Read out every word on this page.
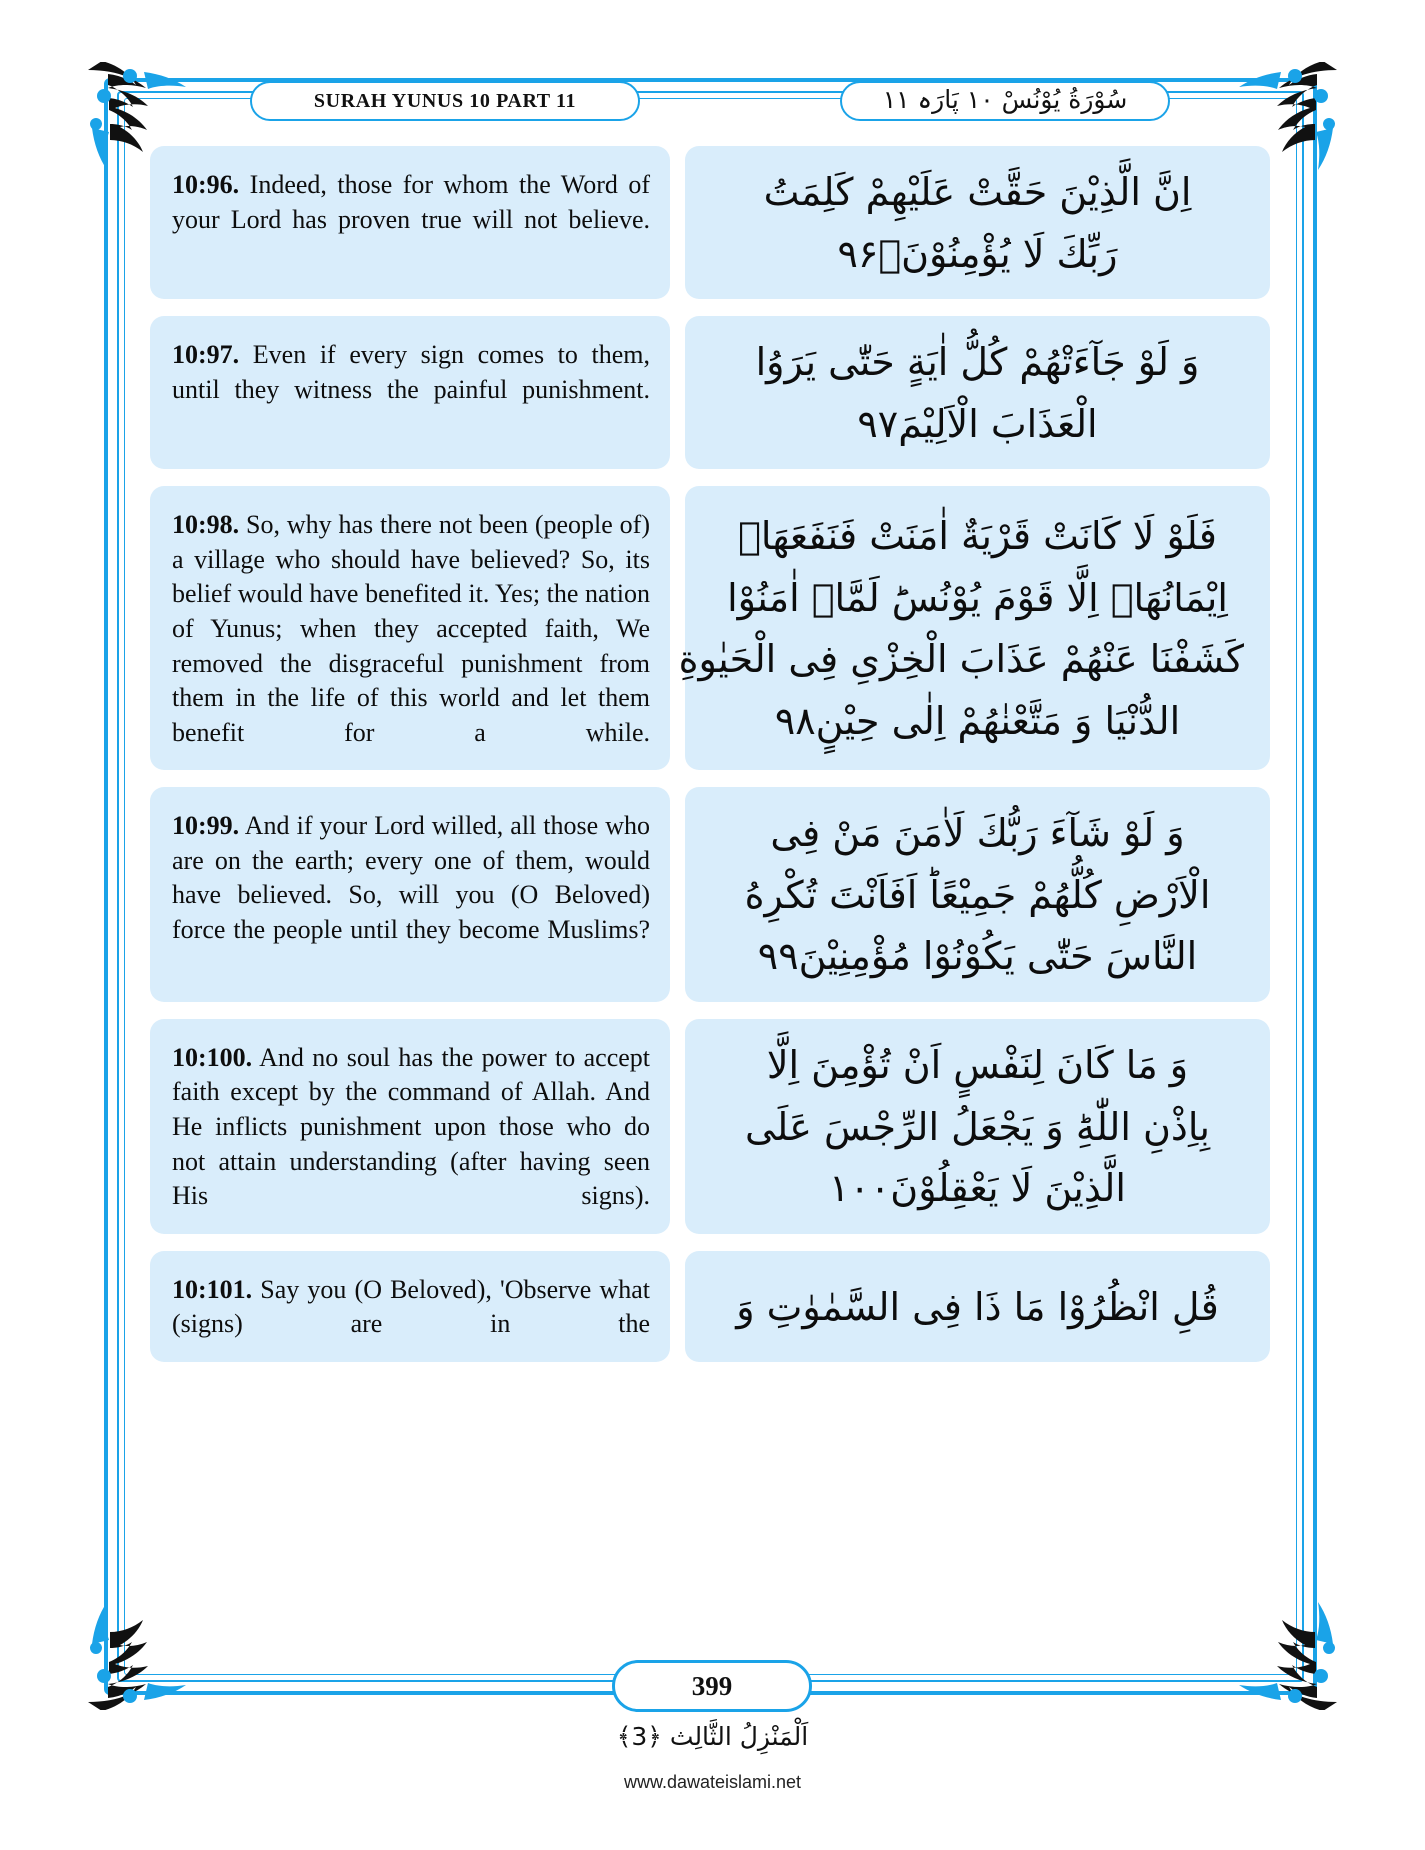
SURAH YUNUS 10 PART 11	سُوْرَةُ یُوْنُسْ ۱۰ پَارَہ ۱۱
10:96. Indeed, those for whom the Word of your Lord has proven true will not believe.
اِنَّ الَّذِیْنَ حَقَّتْ عَلَیْهِمْ كَلِمَتُ
رَبِّكَ لَا یُؤْمِنُوْنَۙ۹۶
10:97. Even if every sign comes to them, until they witness the painful punishment.
وَ لَوْ جَآءَتْهُمْ كُلُّ اٰیَةٍ حَتّٰى یَرَوُا
الْعَذَابَ الْاَلِیْمَ۹۷
10:98. So, why has there not been (people of) a village who should have believed? So, its belief would have benefited it. Yes; the nation of Yunus; when they accepted faith, We removed the disgraceful punishment from them in the life of this world and let them benefit for a while.
فَلَوْ لَا كَانَتْ قَرْیَةٌ اٰمَنَتْ فَنَفَعَهَاۤ
اِیْمَانُهَاۤ اِلَّا قَوْمَ یُوْنُسَؕ لَمَّاۤ اٰمَنُوْا
كَشَفْنَا عَنْهُمْ عَذَابَ الْخِزْیِ فِی الْحَیٰوةِ
الدُّنْیَا وَ مَتَّعْنٰهُمْ اِلٰى حِیْنٍ۹۸
10:99. And if your Lord willed, all those who are on the earth; every one of them, would have believed. So, will you (O Beloved) force the people until they become Muslims?
وَ لَوْ شَآءَ رَبُّكَ لَاٰمَنَ مَنْ فِی
الْاَرْضِ كُلُّهُمْ جَمِیْعًاؕ اَفَاَنْتَ تُكْرِهُ
النَّاسَ حَتّٰى یَكُوْنُوْا مُؤْمِنِیْنَ۹۹
10:100. And no soul has the power to accept faith except by the command of Allah. And He inflicts punishment upon those who do not attain understanding (after having seen His signs).
وَ مَا كَانَ لِنَفْسٍ اَنْ تُؤْمِنَ اِلَّا
بِاِذْنِ اللّٰهِؕ وَ یَجْعَلُ الرِّجْسَ عَلَى
الَّذِیْنَ لَا یَعْقِلُوْنَ۱۰۰
10:101. Say you (O Beloved), 'Observe what (signs) are in the	قُلِ انْظُرُوْا مَا ذَا فِی السَّمٰوٰتِ وَ
399
اَلْمَنْزِلُ الثَّالِث ﴿3﴾
www.dawateislami.net
